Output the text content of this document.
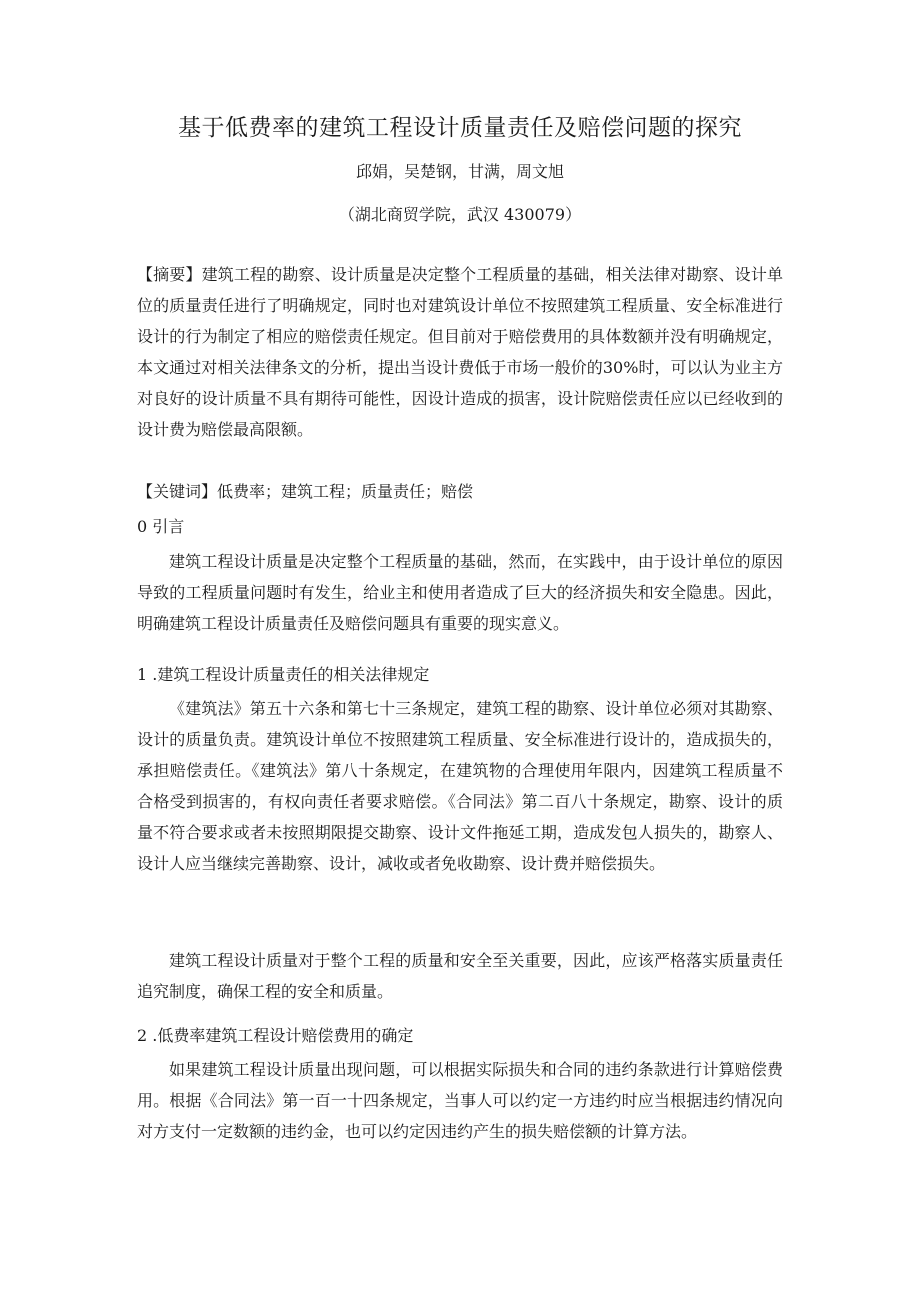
基于低费率的建筑工程设计质量责任及赔偿问题的探究

邱娟，吴楚钢，甘满，周文旭

（湖北商贸学院，武汉 430079）

【摘要】建筑工程的勘察、设计质量是决定整个工程质量的基础，相关法律对勘察、设计单位的质量责任进行了明确规定，同时也对建筑设计单位不按照建筑工程质量、安全标准进行设计的行为制定了相应的赔偿责任规定。但目前对于赔偿费用的具体数额并没有明确规定，本文通过对相关法律条文的分析，提出当设计费低于市场一般价的30%时，可以认为业主方对良好的设计质量不具有期待可能性，因设计造成的损害，设计院赔偿责任应以已经收到的设计费为赔偿最高限额。

【关键词】低费率；建筑工程；质量责任；赔偿

0 引言

建筑工程设计质量是决定整个工程质量的基础，然而，在实践中，由于设计单位的原因导致的工程质量问题时有发生，给业主和使用者造成了巨大的经济损失和安全隐患。因此，明确建筑工程设计质量责任及赔偿问题具有重要的现实意义。

1 .建筑工程设计质量责任的相关法律规定

《建筑法》第五十六条和第七十三条规定，建筑工程的勘察、设计单位必须对其勘察、设计的质量负责。建筑设计单位不按照建筑工程质量、安全标准进行设计的，造成损失的，承担赔偿责任。《建筑法》第八十条规定，在建筑物的合理使用年限内，因建筑工程质量不合格受到损害的，有权向责任者要求赔偿。《合同法》第二百八十条规定，勘察、设计的质量不符合要求或者未按照期限提交勘察、设计文件拖延工期，造成发包人损失的，勘察人、设计人应当继续完善勘察、设计，减收或者免收勘察、设计费并赔偿损失。

建筑工程设计质量对于整个工程的质量和安全至关重要，因此，应该严格落实质量责任追究制度，确保工程的安全和质量。

2 .低费率建筑工程设计赔偿费用的确定

如果建筑工程设计质量出现问题，可以根据实际损失和合同的违约条款进行计算赔偿费用。根据《合同法》第一百一十四条规定，当事人可以约定一方违约时应当根据违约情况向对方支付一定数额的违约金，也可以约定因违约产生的损失赔偿额的计算方法。
